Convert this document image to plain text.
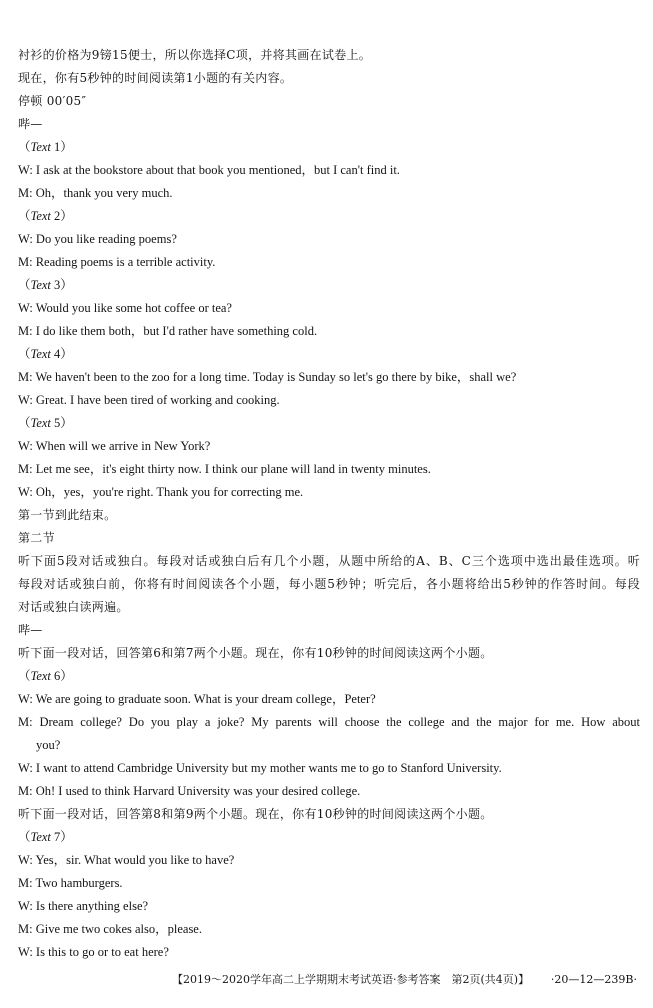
衬衫的价格为9镑15便士，所以你选择C项，并将其画在试卷上。
现在，你有5秒钟的时间阅读第1小题的有关内容。
停顿 00′05″
哔—
（Text 1）
W: I ask at the bookstore about that book you mentioned，but I can't find it.
M: Oh，thank you very much.
（Text 2）
W: Do you like reading poems?
M: Reading poems is a terrible activity.
（Text 3）
W: Would you like some hot coffee or tea?
M: I do like them both，but I'd rather have something cold.
（Text 4）
M: We haven't been to the zoo for a long time. Today is Sunday so let's go there by bike，shall we?
W: Great. I have been tired of working and cooking.
（Text 5）
W: When will we arrive in New York?
M: Let me see，it's eight thirty now. I think our plane will land in twenty minutes.
W: Oh，yes，you're right. Thank you for correcting me.
第一节到此结束。
第二节
听下面5段对话或独白。每段对话或独白后有几个小题，从题中所给的A、B、C三个选项中选出最佳选项。听
每段对话或独白前，你将有时间阅读各个小题，每小题5秒钟；听完后，各小题将给出5秒钟的作答时间。每段
对话或独白读两遍。
哔—
听下面一段对话，回答第6和第7两个小题。现在，你有10秒钟的时间阅读这两个小题。
（Text 6）
W: We are going to graduate soon. What is your dream college，Peter?
M: Dream college? Do you play a joke? My parents will choose the college and the major for me. How about
you?
W: I want to attend Cambridge University but my mother wants me to go to Stanford University.
M: Oh! I used to think Harvard University was your desired college.
听下面一段对话，回答第8和第9两个小题。现在，你有10秒钟的时间阅读这两个小题。
（Text 7）
W: Yes，sir. What would you like to have?
M: Two hamburgers.
W: Is there anything else?
M: Give me two cokes also，please.
W: Is this to go or to eat here?
【2019～2020学年高二上学期期末考试英语·参考答案　第2页(共4页)】 ·20—12—239B·
